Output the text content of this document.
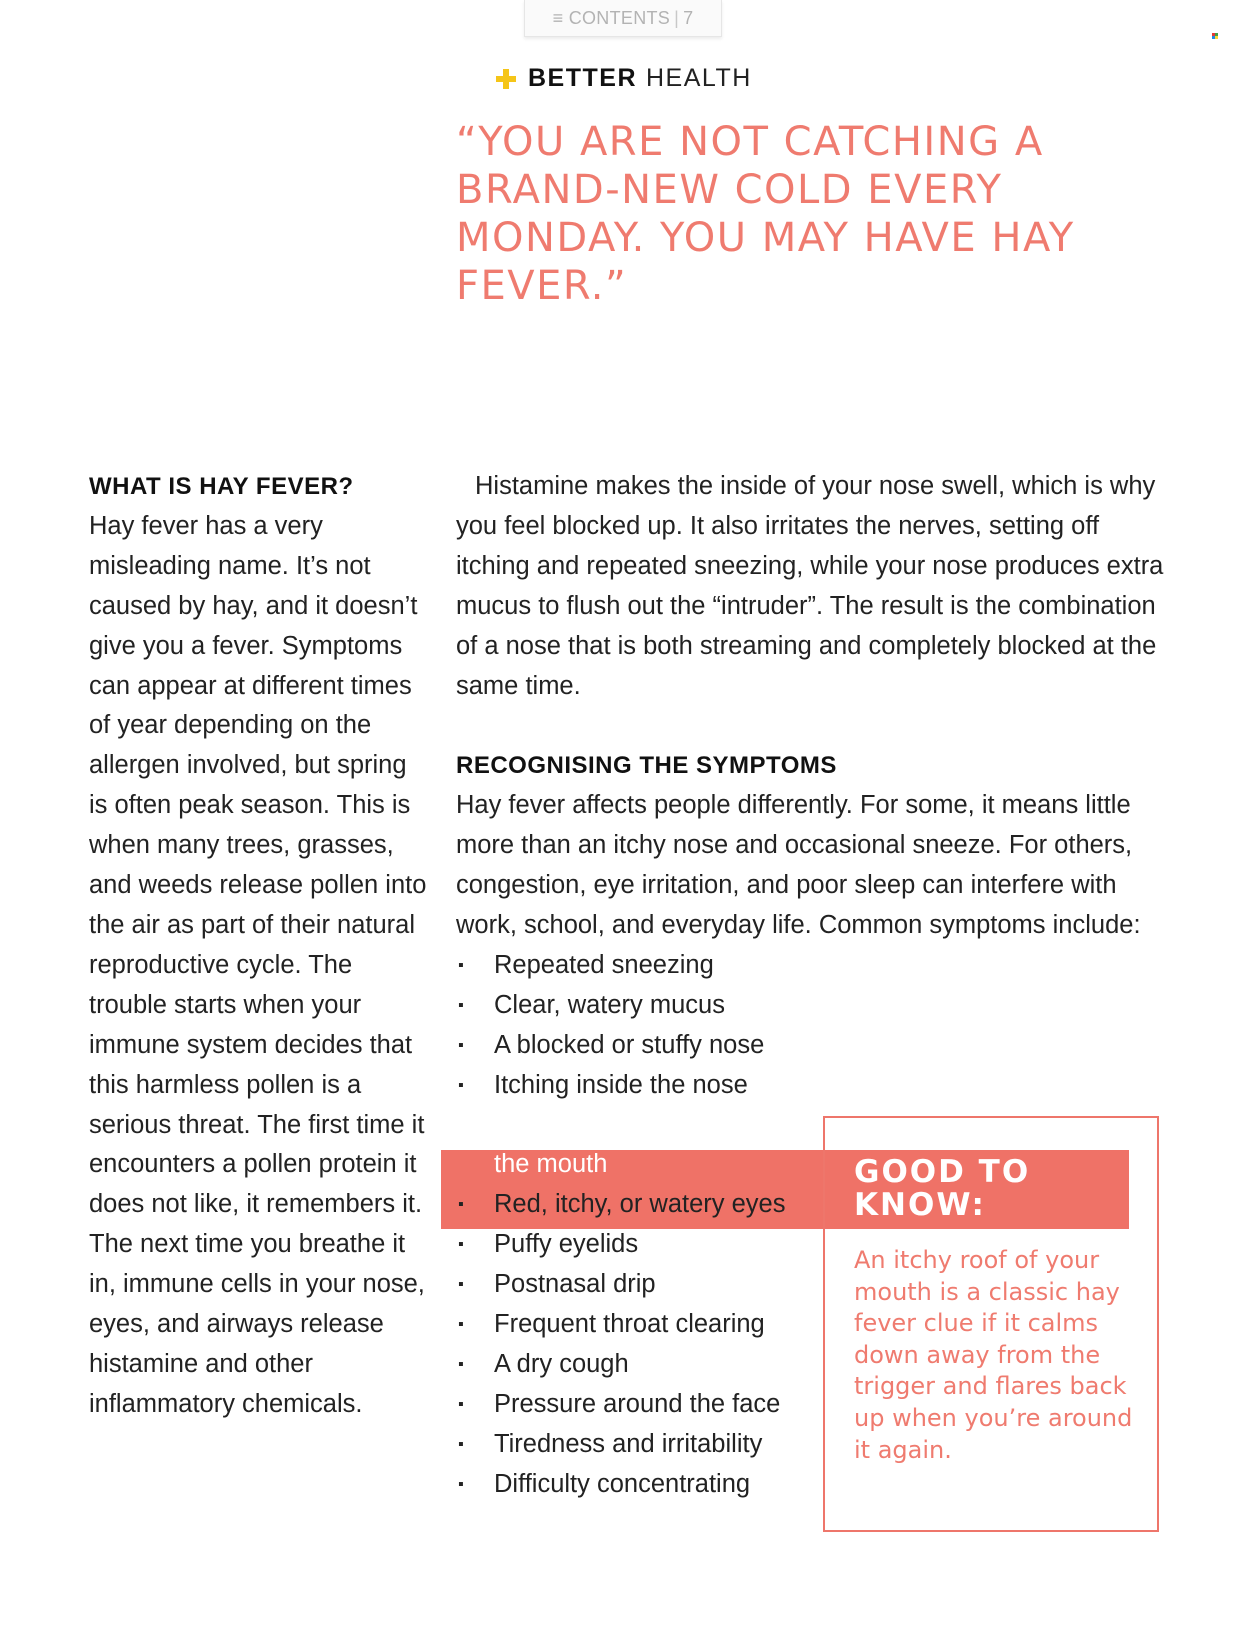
≡
CONTENTS | 7
BETTER HEALTH

“YOU ARE NOT CATCHING A BRAND-NEW COLD EVERY MONDAY. YOU MAY HAVE HAY FEVER.”

WHAT IS HAY FEVER?

Hay fever has a very misleading name. It’s not caused by hay, and it doesn’t give you a fever. Symptoms can appear at different times of year depending on the allergen involved, but spring is often peak season. This is when many trees, grasses, and weeds release pollen into the air as part of their natural reproductive cycle. The trouble starts when your immune system decides that this harmless pollen is a serious threat. The first time it encounters a pollen protein it does not like, it remembers it. The next time you breathe it in, immune cells in your nose, eyes, and airways release histamine and other inflammatory chemicals.

Histamine makes the inside of your nose swell, which is why you feel blocked up. It also irritates the nerves, setting off itching and repeated sneezing, while your nose produces extra mucus to flush out the “intruder”. The result is the combination of a nose that is both streaming and completely blocked at the same time.

RECOGNISING THE SYMPTOMS

Hay fever affects people differently. For some, it means little more than an itchy nose and occasional sneeze. For others, congestion, eye irritation, and poor sleep can interfere with work, school, and everyday life. Common symptoms include:

▪ Repeated sneezing
▪ Clear, watery mucus
▪ A blocked or stuffy nose
▪ Itching inside the nose
▪ An itchy throat or the roof of the mouth
▪ Red, itchy, or watery eyes
▪ Puffy eyelids
▪ Postnasal drip
▪ Frequent throat clearing
▪ A dry cough
▪ Pressure around the face
▪ Tiredness and irritability
▪ Difficulty concentrating
GOOD TO KNOW:

An itchy roof of your mouth is a classic hay fever clue if it calms down away from the trigger and flares back up when you’re around it again.
